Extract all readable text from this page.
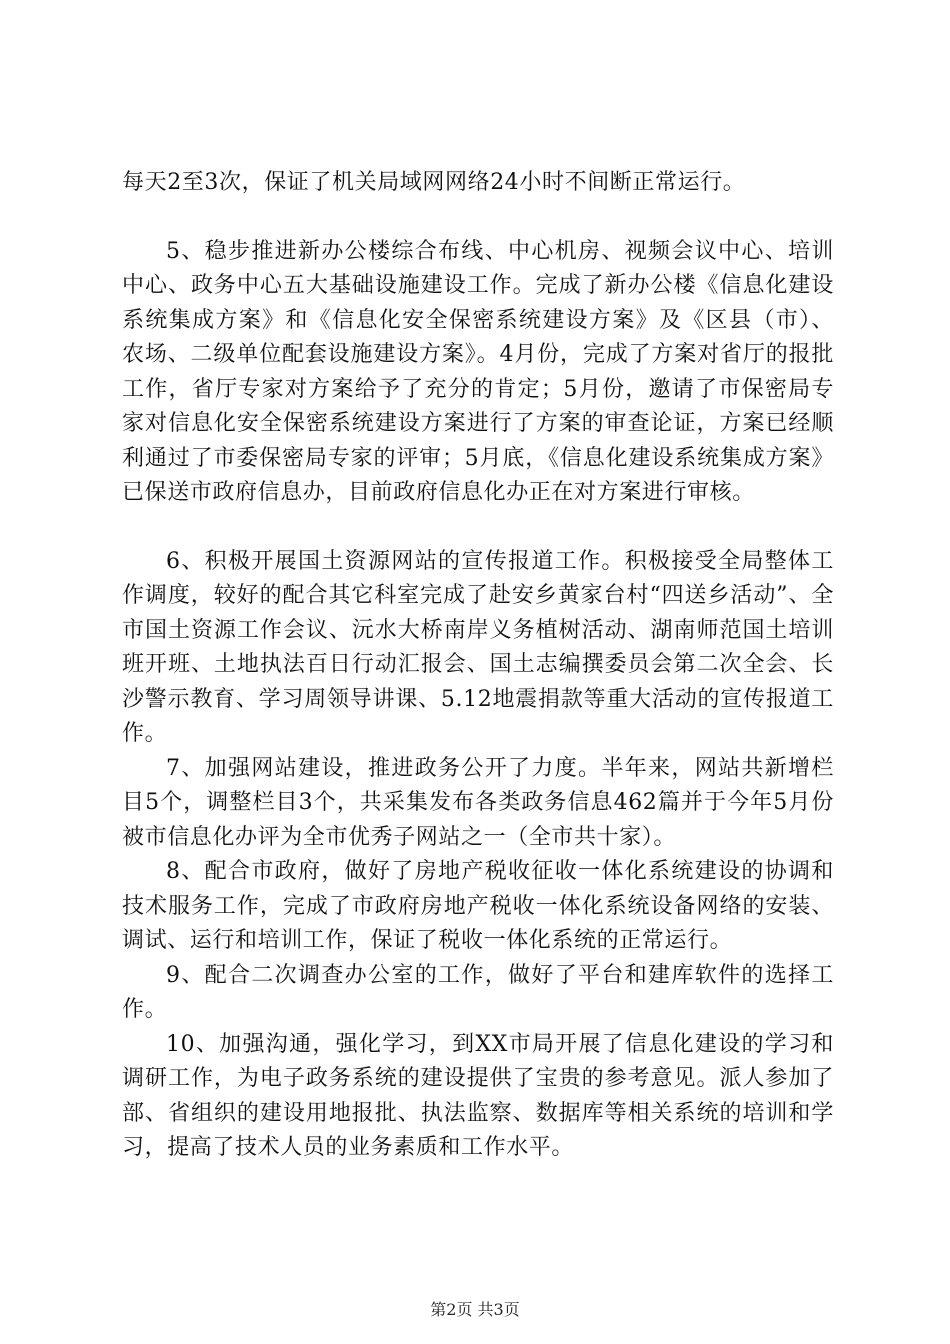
每天2至3次，保证了机关局域网网络24小时不间断正常运行。

5、稳步推进新办公楼综合布线、中心机房、视频会议中心、培训中心、政务中心五大基础设施建设工作。完成了新办公楼《信息化建设系统集成方案》和《信息化安全保密系统建设方案》及《区县（市）、农场、二级单位配套设施建设方案》。4月份，完成了方案对省厅的报批工作，省厅专家对方案给予了充分的肯定；5月份，邀请了市保密局专家对信息化安全保密系统建设方案进行了方案的审查论证，方案已经顺利通过了市委保密局专家的评审；5月底，《信息化建设系统集成方案》已保送市政府信息办，目前政府信息化办正在对方案进行审核。

6、积极开展国土资源网站的宣传报道工作。积极接受全局整体工作调度，较好的配合其它科室完成了赴安乡黄家台村“四送乡活动”、全市国土资源工作会议、沅水大桥南岸义务植树活动、湖南师范国土培训班开班、土地执法百日行动汇报会、国土志编撰委员会第二次全会、长沙警示教育、学习周领导讲课、5.12地震捐款等重大活动的宣传报道工作。

7、加强网站建设，推进政务公开了力度。半年来，网站共新增栏目5个，调整栏目3个，共采集发布各类政务信息462篇并于今年5月份被市信息化办评为全市优秀子网站之一（全市共十家）。

8、配合市政府，做好了房地产税收征收一体化系统建设的协调和技术服务工作，完成了市政府房地产税收一体化系统设备网络的安装、调试、运行和培训工作，保证了税收一体化系统的正常运行。

9、配合二次调查办公室的工作，做好了平台和建库软件的选择工作。

10、加强沟通，强化学习，到XX市局开展了信息化建设的学习和调研工作，为电子政务系统的建设提供了宝贵的参考意见。派人参加了部、省组织的建设用地报批、执法监察、数据库等相关系统的培训和学习，提高了技术人员的业务素质和工作水平。

第2页 共3页
